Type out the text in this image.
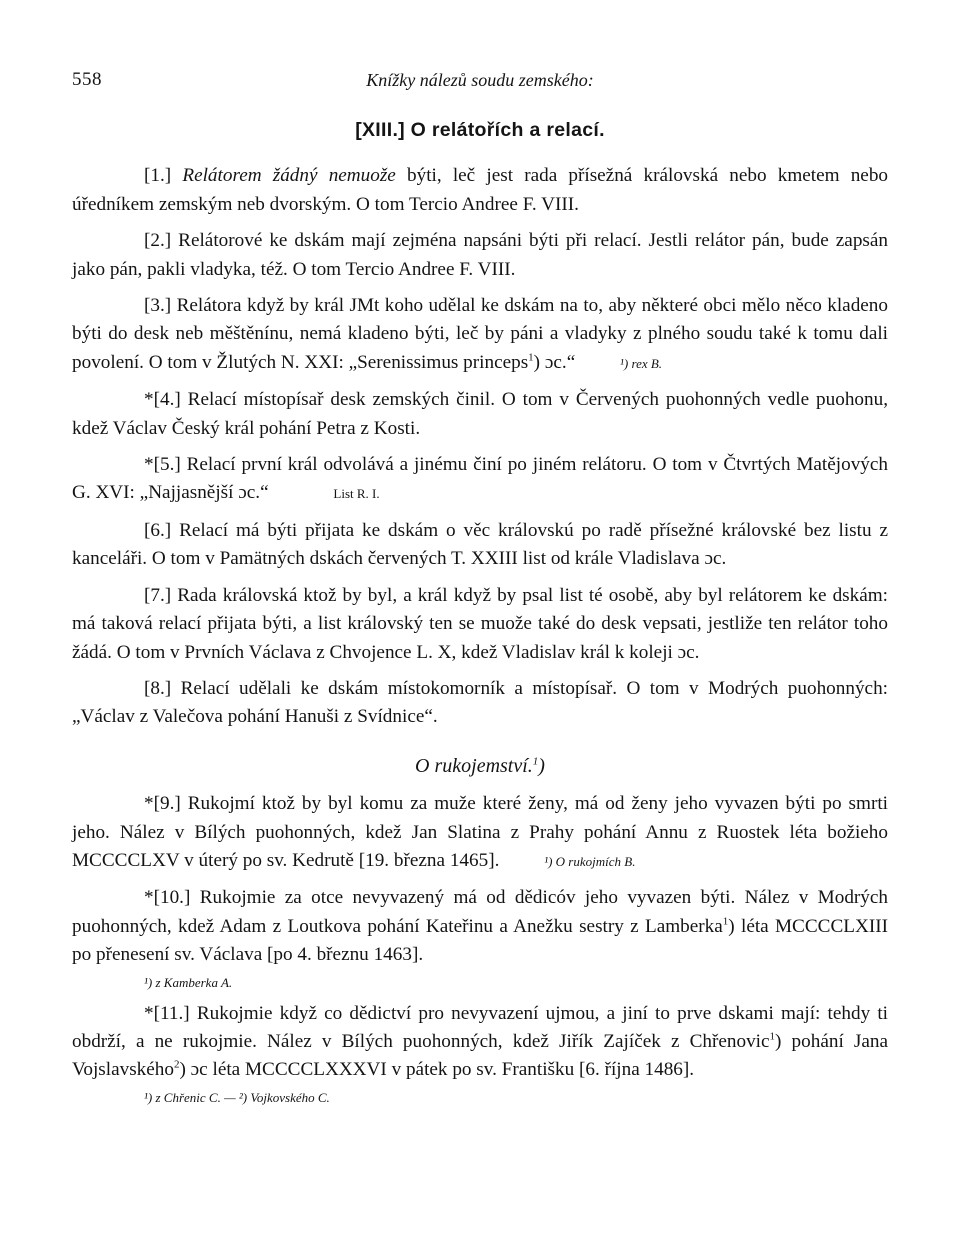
558	Knížky nálezů soudu zemského:
[XIII.] O relátořích a relací.

[1.] Relátorem žádný nemuože býti, leč jest rada přísežná královská nebo kmetem nebo úředníkem zemským neb dvorským. O tom Tercio Andree F. VIII.

[2.] Relátorové ke dskám mají zejména napsáni býti při relací. Jestli relátor pán, bude zapsán jako pán, pakli vladyka, též. O tom Tercio Andree F. VIII.

[3.] Relátora když by král JMt koho udělal ke dskám na to, aby některé obci mělo něco kladeno býti do desk neb měštěnínu, nemá kladeno býti, leč by páni a vladyky z plného soudu také k tomu dali povolení. O tom v Žlutých N. XXI: „Serenissimus princeps$^1$) ɔc.“	¹) rex B.

*[4.] Relací místopísař desk zemských činil. O tom v Červených puohonných vedle puohonu, kdež Václav Český král pohání Petra z Kosti.

*[5.] Relací první král odvolává a jinému činí po jiném relátoru. O tom v Čtvrtých Matějových G. XVI: „Najjasnější ɔc.“	List R. I.

[6.] Relací má býti přijata ke dskám o věc královskú po radě přísežné královské bez listu z kanceláři. O tom v Pamätných dskách červených T. XXIII list od krále Vladislava ɔc.

[7.] Rada královská ktož by byl, a král když by psal list té osobě, aby byl relátorem ke dskám: má taková relací přijata býti, a list královský ten se muože také do desk vepsati, jestliže ten relátor toho žádá. O tom v Prvních Václava z Chvojence L. X, kdež Vladislav král k koleji ɔc.

[8.] Relací udělali ke dskám místokomorník a místopísař. O tom v Modrých puohonných: „Václav z Valečova pohání Hanuši z Svídnice“.

O rukojemství.$^1$)

*[9.] Rukojmí ktož by byl komu za muže které ženy, má od ženy jeho vyvazen býti po smrti jeho. Nález v Bílých puohonných, kdež Jan Slatina z Prahy pohání Annu z Ruostek léta božieho MCCCCLXV v úterý po sv. Kedrutě [19. března 1465].	¹) O rukojmích B.

*[10.] Rukojmie za otce nevyvazený má od dědicóv jeho vyvazen býti. Nález v Modrých puohonných, kdež Adam z Loutkova pohání Kateřinu a Anežku sestry z Lamberka$^1$) léta MCCCCLXIII po přenesení sv. Václava [po 4. březnu 1463].

¹) z Kamberka A.

*[11.] Rukojmie když co dědictví pro nevyvazení ujmou, a jiní to prve dskami mají: tehdy ti obdrží, a ne rukojmie. Nález v Bílých puohonných, kdež Jiřík Zajíček z Chřenovic$^1$) pohání Jana Vojslavského$^2$) ɔc léta MCCCCLXXXVI v pátek po sv. Františku [6. října 1486].

¹) z Chřenic C. — ²) Vojkovského C.
